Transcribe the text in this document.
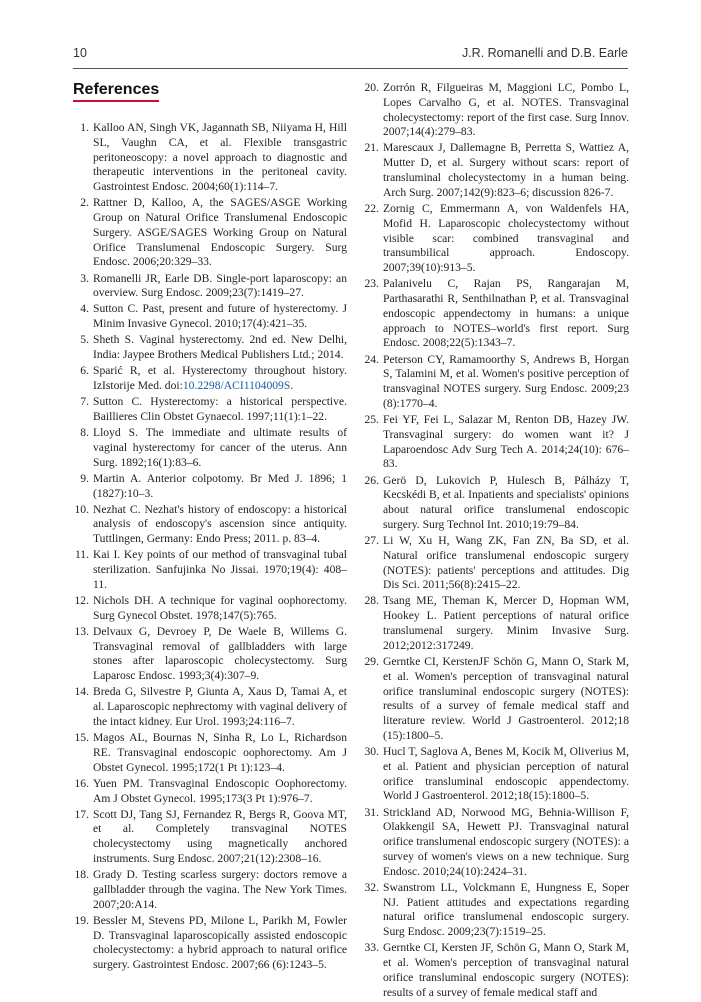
10	J.R. Romanelli and D.B. Earle
References
1. Kalloo AN, Singh VK, Jagannath SB, Niiyama H, Hill SL, Vaughn CA, et al. Flexible transgastric peritoneoscopy: a novel approach to diagnostic and therapeutic interventions in the peritoneal cavity. Gastrointest Endosc. 2004;60(1):114–7.
2. Rattner D, Kalloo, A, the SAGES/ASGE Working Group on Natural Orifice Translumenal Endoscopic Surgery. ASGE/SAGES Working Group on Natural Orifice Translumenal Endoscopic Surgery. Surg Endosc. 2006;20:329–33.
3. Romanelli JR, Earle DB. Single-port laparoscopy: an overview. Surg Endosc. 2009;23(7):1419–27.
4. Sutton C. Past, present and future of hysterectomy. J Minim Invasive Gynecol. 2010;17(4):421–35.
5. Sheth S. Vaginal hysterectomy. 2nd ed. New Delhi, India: Jaypee Brothers Medical Publishers Ltd.; 2014.
6. Sparić R, et al. Hysterectomy throughout history. IzIstorije Med. doi:10.2298/ACI1104009S.
7. Sutton C. Hysterectomy: a historical perspective. Baillieres Clin Obstet Gynaecol. 1997;11(1):1–22.
8. Lloyd S. The immediate and ultimate results of vaginal hysterectomy for cancer of the uterus. Ann Surg. 1892;16(1):83–6.
9. Martin A. Anterior colpotomy. Br Med J. 1896; 1 (1827):10–3.
10. Nezhat C. Nezhat's history of endoscopy: a historical analysis of endoscopy's ascension since antiquity. Tuttlingen, Germany: Endo Press; 2011. p. 83–4.
11. Kai I. Key points of our method of transvaginal tubal sterilization. Sanfujinka No Jissai. 1970;19(4): 408–11.
12. Nichols DH. A technique for vaginal oophorectomy. Surg Gynecol Obstet. 1978;147(5):765.
13. Delvaux G, Devroey P, De Waele B, Willems G. Transvaginal removal of gallbladders with large stones after laparoscopic cholecystectomy. Surg Laparosc Endosc. 1993;3(4):307–9.
14. Breda G, Silvestre P, Giunta A, Xaus D, Tamai A, et al. Laparoscopic nephrectomy with vaginal delivery of the intact kidney. Eur Urol. 1993;24:116–7.
15. Magos AL, Bournas N, Sinha R, Lo L, Richardson RE. Transvaginal endoscopic oophorectomy. Am J Obstet Gynecol. 1995;172(1 Pt 1):123–4.
16. Yuen PM. Transvaginal Endoscopic Oophorectomy. Am J Obstet Gynecol. 1995;173(3 Pt 1):976–7.
17. Scott DJ, Tang SJ, Fernandez R, Bergs R, Goova MT, et al. Completely transvaginal NOTES cholecystectomy using magnetically anchored instruments. Surg Endosc. 2007;21(12):2308–16.
18. Grady D. Testing scarless surgery: doctors remove a gallbladder through the vagina. The New York Times. 2007;20:A14.
19. Bessler M, Stevens PD, Milone L, Parikh M, Fowler D. Transvaginal laparoscopically assisted endoscopic cholecystectomy: a hybrid approach to natural orifice surgery. Gastrointest Endosc. 2007;66 (6):1243–5.
20. Zorrón R, Filgueiras M, Maggioni LC, Pombo L, Lopes Carvalho G, et al. NOTES. Transvaginal cholecystectomy: report of the first case. Surg Innov. 2007;14(4):279–83.
21. Marescaux J, Dallemagne B, Perretta S, Wattiez A, Mutter D, et al. Surgery without scars: report of transluminal cholecystectomy in a human being. Arch Surg. 2007;142(9):823–6; discussion 826-7.
22. Zornig C, Emmermann A, von Waldenfels HA, Mofid H. Laparoscopic cholecystectomy without visible scar: combined transvaginal and transumbilical approach. Endoscopy. 2007;39(10):913–5.
23. Palanivelu C, Rajan PS, Rangarajan M, Parthasarathi R, Senthilnathan P, et al. Transvaginal endoscopic appendectomy in humans: a unique approach to NOTES–world's first report. Surg Endosc. 2008;22(5):1343–7.
24. Peterson CY, Ramamoorthy S, Andrews B, Horgan S, Talamini M, et al. Women's positive perception of transvaginal NOTES surgery. Surg Endosc. 2009;23 (8):1770–4.
25. Fei YF, Fei L, Salazar M, Renton DB, Hazey JW. Transvaginal surgery: do women want it? J Laparoendosc Adv Surg Tech A. 2014;24(10): 676–83.
26. Gerö D, Lukovich P, Hulesch B, Pálházy T, Kecskédi B, et al. Inpatients and specialists' opinions about natural orifice translumenal endoscopic surgery. Surg Technol Int. 2010;19:79–84.
27. Li W, Xu H, Wang ZK, Fan ZN, Ba SD, et al. Natural orifice translumenal endoscopic surgery (NOTES): patients' perceptions and attitudes. Dig Dis Sci. 2011;56(8):2415–22.
28. Tsang ME, Theman K, Mercer D, Hopman WM, Hookey L. Patient perceptions of natural orifice translumenal surgery. Minim Invasive Surg. 2012;2012:317249.
29. Gerntke CI, KerstenJF Schön G, Mann O, Stark M, et al. Women's perception of transvaginal natural orifice transluminal endoscopic surgery (NOTES): results of a survey of female medical staff and literature review. World J Gastroenterol. 2012;18 (15):1800–5.
30. Hucl T, Saglova A, Benes M, Kocik M, Oliverius M, et al. Patient and physician perception of natural orifice transluminal endoscopic appendectomy. World J Gastroenterol. 2012;18(15):1800–5.
31. Strickland AD, Norwood MG, Behnia-Willison F, Olakkengil SA, Hewett PJ. Transvaginal natural orifice translumenal endoscopic surgery (NOTES): a survey of women's views on a new technique. Surg Endosc. 2010;24(10):2424–31.
32. Swanstrom LL, Volckmann E, Hungness E, Soper NJ. Patient attitudes and expectations regarding natural orifice translumenal endoscopic surgery. Surg Endosc. 2009;23(7):1519–25.
33. Gerntke CI, Kersten JF, Schön G, Mann O, Stark M, et al. Women's perception of transvaginal natural orifice transluminal endoscopic surgery (NOTES): results of a survey of female medical staff and
